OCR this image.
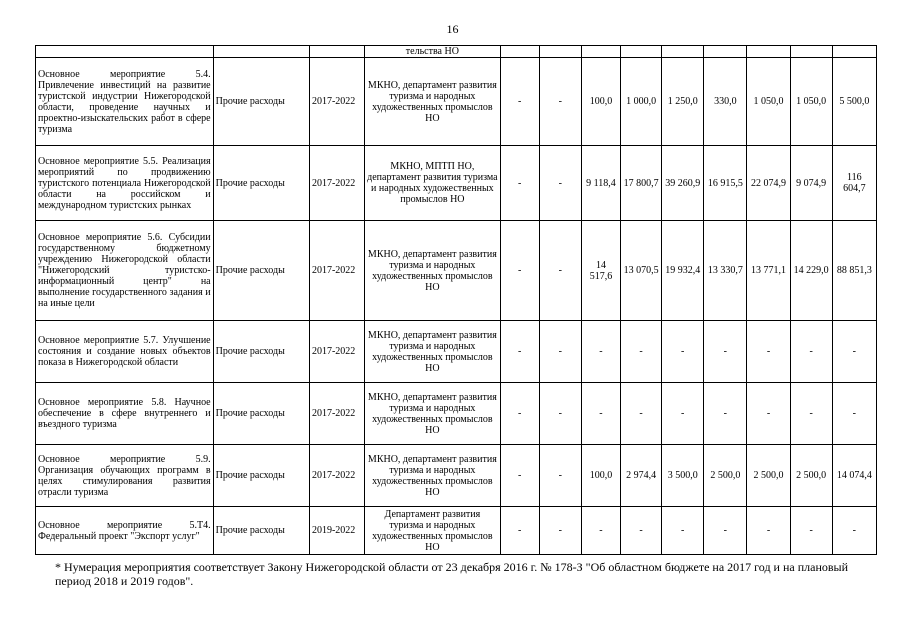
16
			тельства НО									
Основное мероприятие 5.4. Привлечение инвестиций на развитие туристской индустрии Нижегородской области, проведение научных и проектно-изыскательских работ в сфере туризма	Прочие расходы	2017-2022	МКНО, департамент развития туризма и народных художественных промыслов НО	-	-	100,0	1 000,0	1 250,0	330,0	1 050,0	1 050,0	5 500,0
Основное мероприятие 5.5. Реализация мероприятий по продвижению туристского потенциала Нижегородской области на российском и международном туристских рынках	Прочие расходы	2017-2022	МКНО, МПТП НО, департамент развития туризма и народных художественных промыслов НО	-	-	9 118,4	17 800,7	39 260,9	16 915,5	22 074,9	9 074,9	116 604,7
Основное мероприятие 5.6. Субсидии государственному бюджетному учреждению Нижегородской области "Нижегородский туристско-информационный центр" на выполнение государственного задания и на иные цели	Прочие расходы	2017-2022	МКНО, департамент развития туризма и народных художественных промыслов НО	-	-	14 517,6	13 070,5	19 932,4	13 330,7	13 771,1	14 229,0	88 851,3
Основное мероприятие 5.7. Улучшение состояния и создание новых объектов показа в Нижегородской области	Прочие расходы	2017-2022	МКНО, департамент развития туризма и народных художественных промыслов НО	-	-	-	-	-	-	-	-	-
Основное мероприятие 5.8. Научное обеспечение в сфере внутреннего и въездного туризма	Прочие расходы	2017-2022	МКНО, департамент развития туризма и народных художественных промыслов НО	-	-	-	-	-	-	-	-	-
Основное мероприятие 5.9. Организация обучающих программ в целях стимулирования развития отрасли туризма	Прочие расходы	2017-2022	МКНО, департамент развития туризма и народных художественных промыслов НО	-	-	100,0	2 974,4	3 500,0	2 500,0	2 500,0	2 500,0	14 074,4
Основное мероприятие 5.Т4. Федеральный проект "Экспорт услуг"	Прочие расходы	2019-2022	Департамент развития туризма и народных художественных промыслов НО	-	-	-	-	-	-	-	-	-
* Нумерация мероприятия соответствует Закону Нижегородской области от 23 декабря 2016 г. № 178-З "Об областном бюджете на 2017 год и на плановый период 2018 и 2019 годов".
